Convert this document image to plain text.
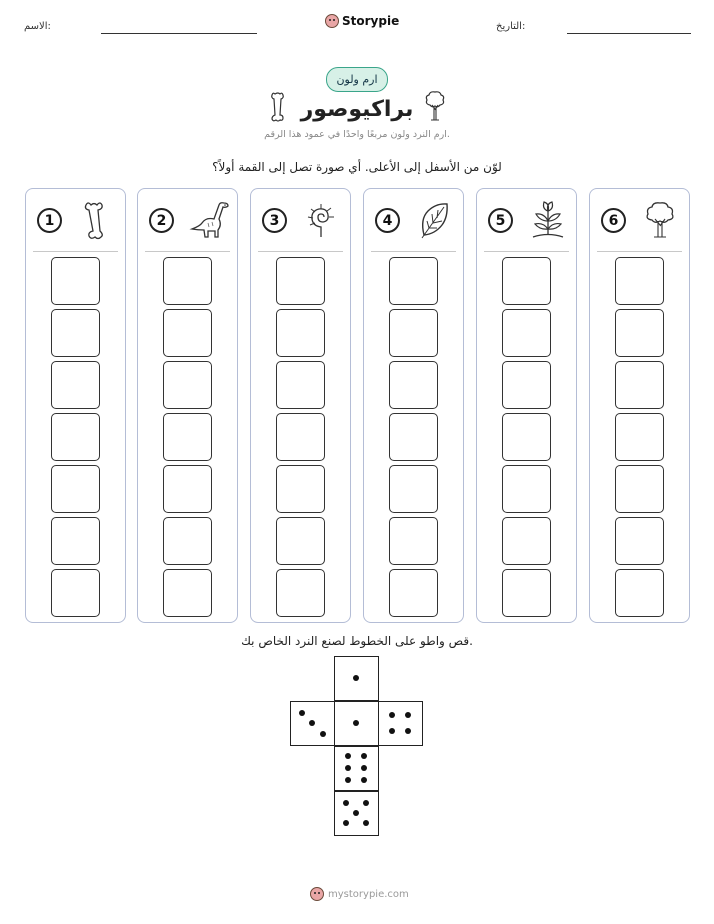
الاسم:	Storypie	التاريخ:
ارم ولون
براكيوصور
ارم النرد ولون مربعًا واحدًا في عمود هذا الرقم.
لوّن من الأسفل إلى الأعلى. أي صورة تصل إلى القمة أولاً؟
1	2	3	4	5	6
قص واطو على الخطوط لصنع النرد الخاص بك.
mystorypie.com
